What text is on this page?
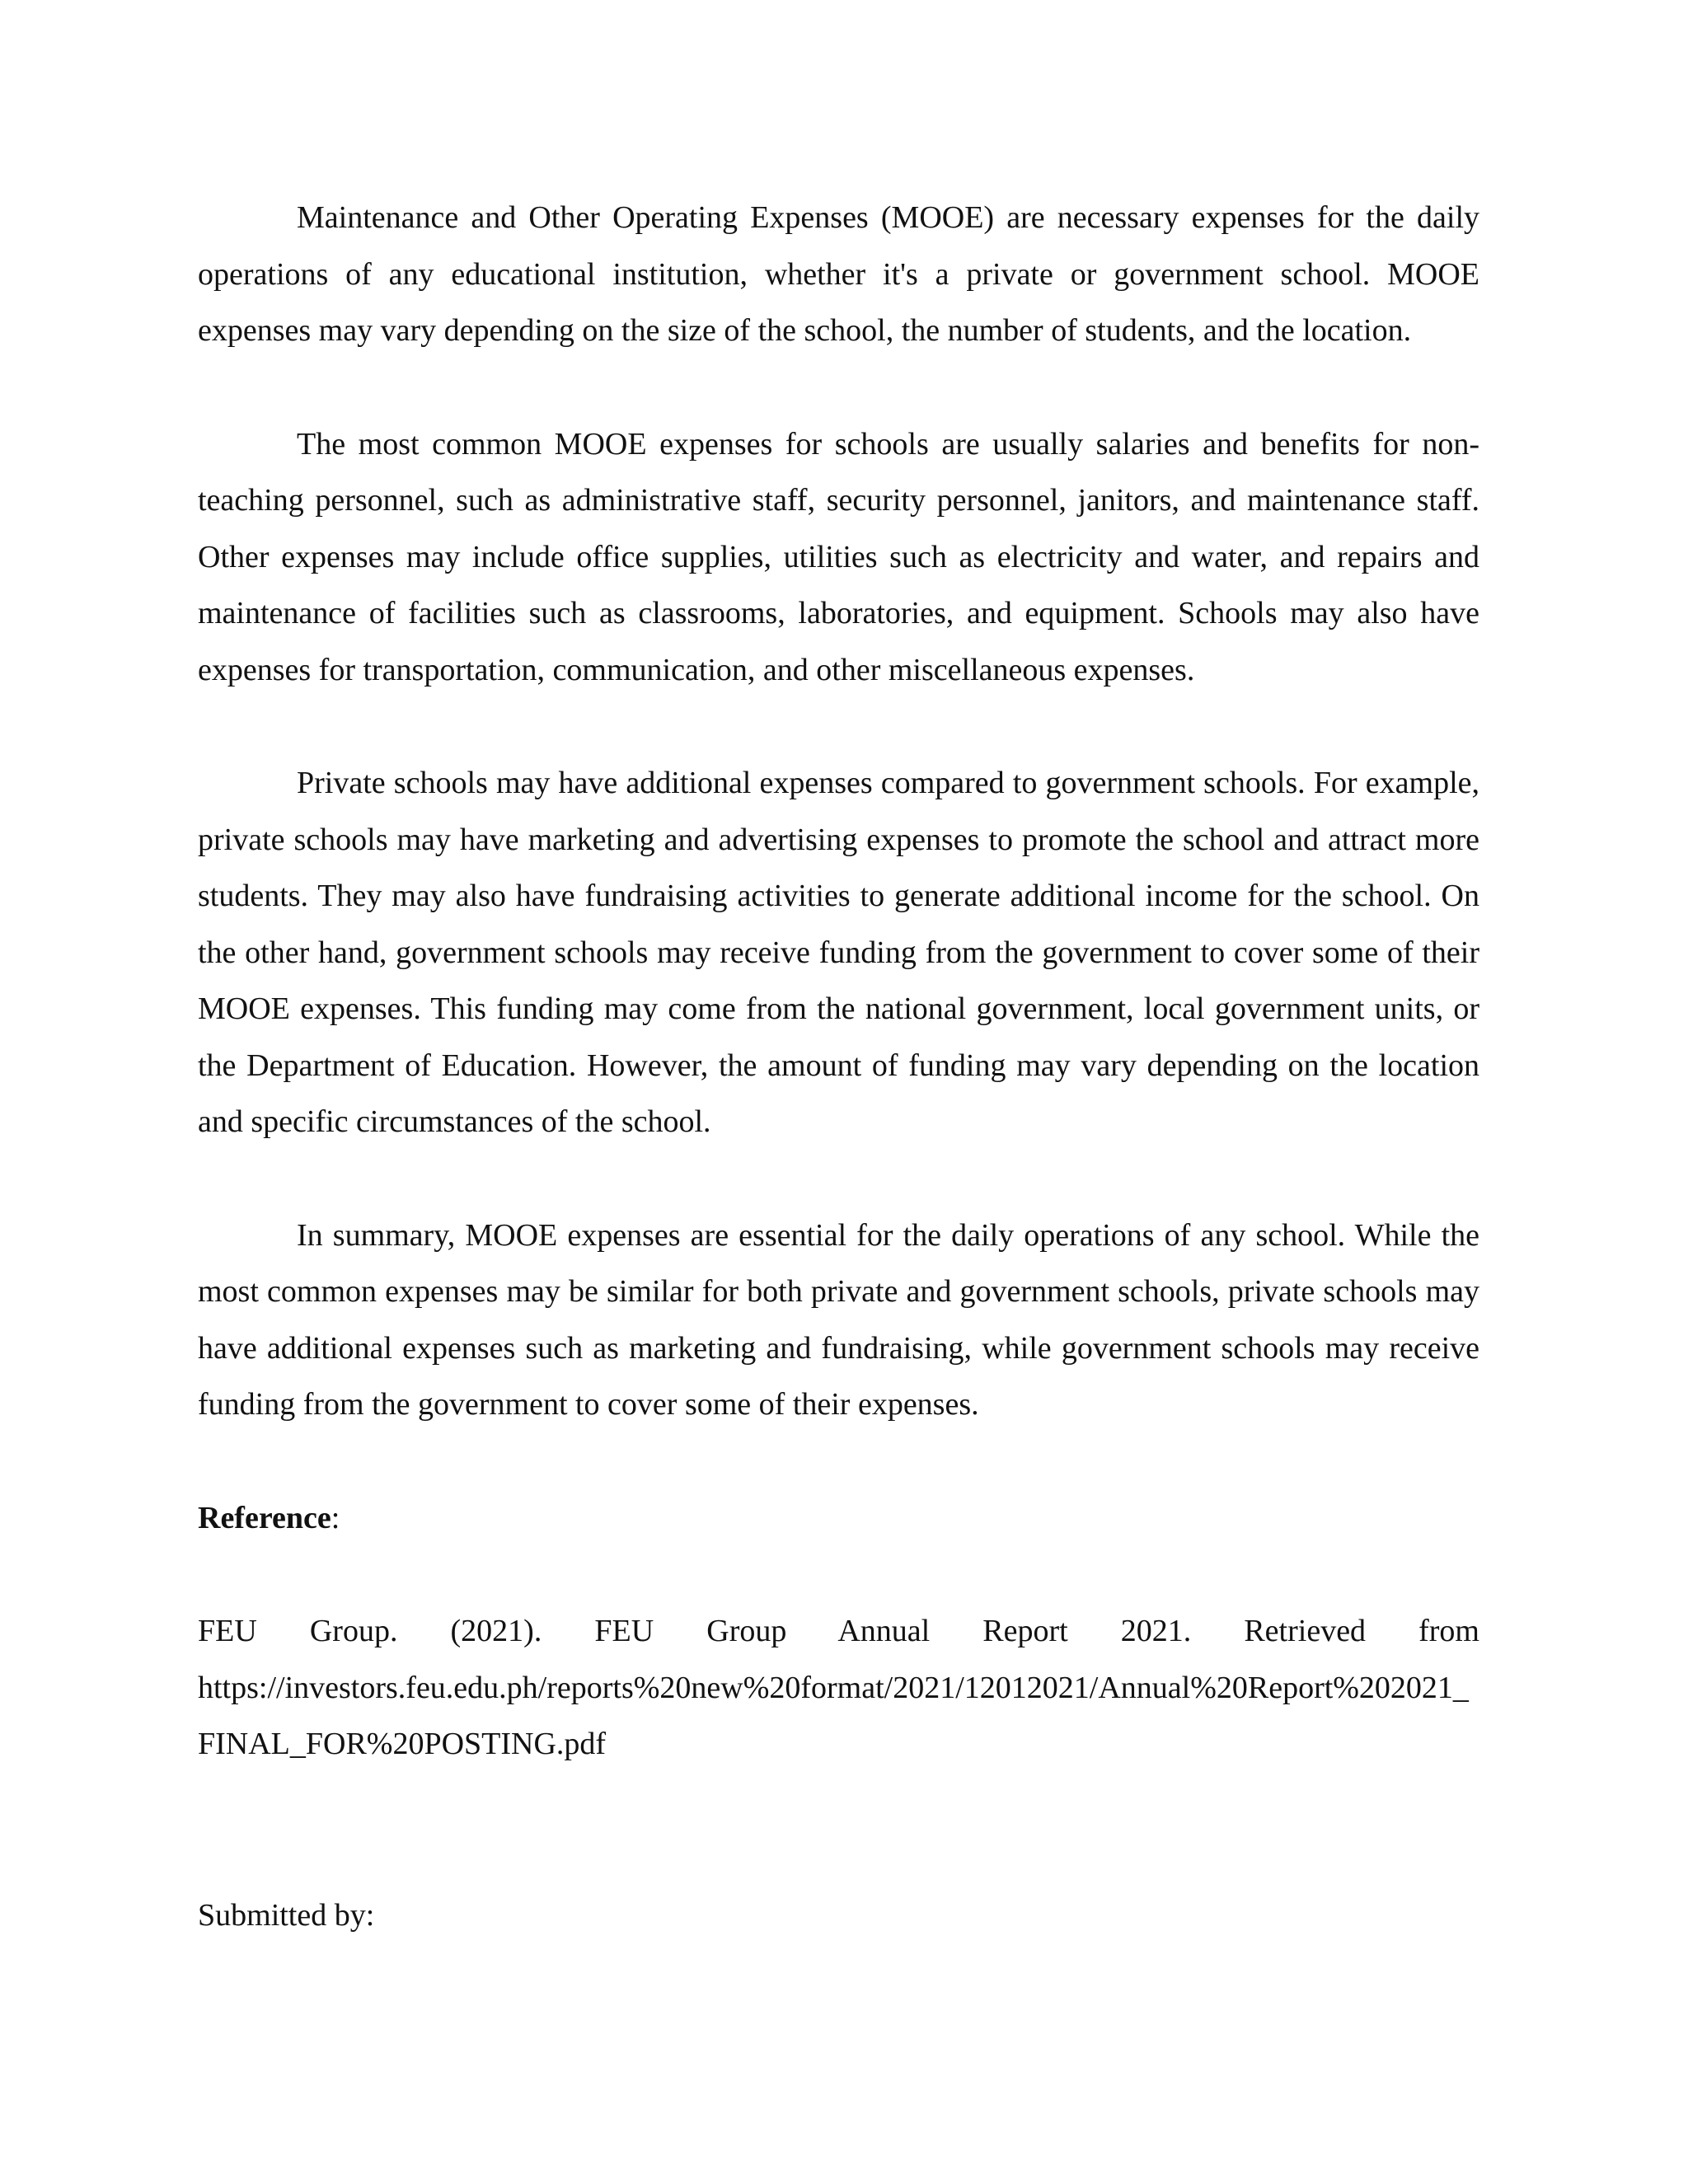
Maintenance and Other Operating Expenses (MOOE) are necessary expenses for the daily operations of any educational institution, whether it's a private or government school. MOOE expenses may vary depending on the size of the school, the number of students, and the location.

The most common MOOE expenses for schools are usually salaries and benefits for non-teaching personnel, such as administrative staff, security personnel, janitors, and maintenance staff. Other expenses may include office supplies, utilities such as electricity and water, and repairs and maintenance of facilities such as classrooms, laboratories, and equipment. Schools may also have expenses for transportation, communication, and other miscellaneous expenses.

Private schools may have additional expenses compared to government schools. For example, private schools may have marketing and advertising expenses to promote the school and attract more students. They may also have fundraising activities to generate additional income for the school. On the other hand, government schools may receive funding from the government to cover some of their MOOE expenses. This funding may come from the national government, local government units, or the Department of Education. However, the amount of funding may vary depending on the location and specific circumstances of the school.

In summary, MOOE expenses are essential for the daily operations of any school. While the most common expenses may be similar for both private and government schools, private schools may have additional expenses such as marketing and fundraising, while government schools may receive funding from the government to cover some of their expenses.

Reference:

FEU Group. (2021). FEU Group Annual Report 2021. Retrieved from
https://investors.feu.edu.ph/reports%20new%20format/2021/12012021/Annual%20Report%202021_FINAL_FOR%20POSTING.pdf

Submitted by:
